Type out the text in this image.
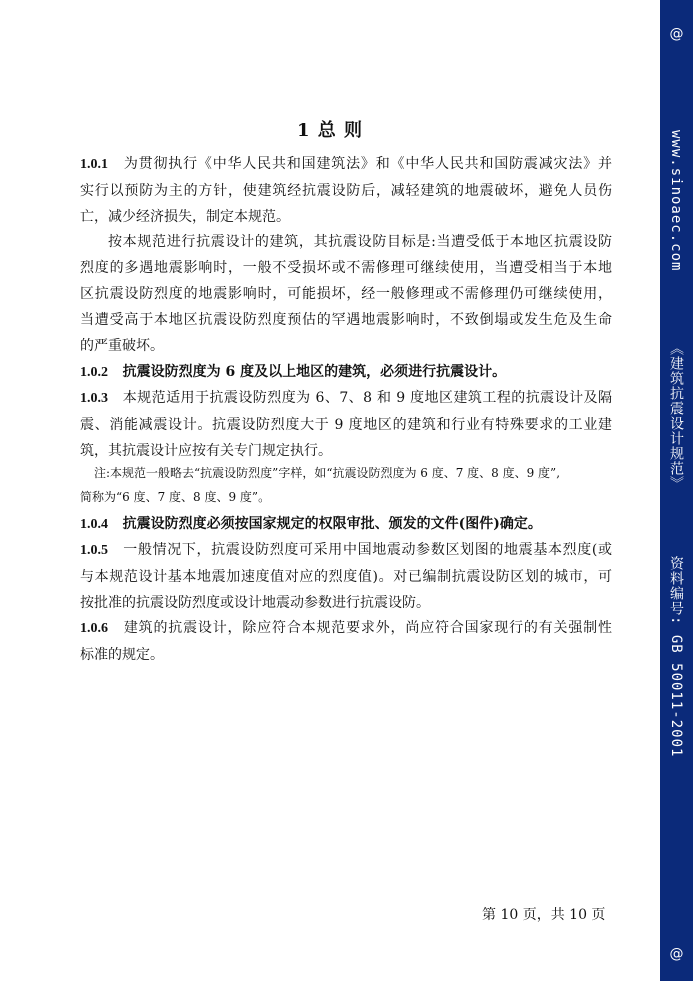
1 总 则
1.0.1 为贯彻执行《中华人民共和国建筑法》和《中华人民共和国防震减灾法》并
实行以预防为主的方针，使建筑经抗震设防后，减轻建筑的地震破坏，避免人员伤
亡，减少经济损失，制定本规范。
按本规范进行抗震设计的建筑，其抗震设防目标是:当遭受低于本地区抗震设防
烈度的多遇地震影响时，一般不受损坏或不需修理可继续使用，当遭受相当于本地
区抗震设防烈度的地震影响时，可能损坏，经一般修理或不需修理仍可继续使用，
当遭受高于本地区抗震设防烈度预估的罕遇地震影响时，不致倒塌或发生危及生命
的严重破坏。
1.0.2 抗震设防烈度为 6 度及以上地区的建筑，必须进行抗震设计。
1.0.3 本规范适用于抗震设防烈度为 6、7、8 和 9 度地区建筑工程的抗震设计及隔
震、消能减震设计。抗震设防烈度大于 9 度地区的建筑和行业有特殊要求的工业建
筑，其抗震设计应按有关专门规定执行。
注:本规范一般略去“抗震设防烈度”字样，如“抗震设防烈度为 6 度、7 度、8 度、9 度”,
简称为“6 度、7 度、8 度、9 度”。
1.0.4 抗震设防烈度必须按国家规定的权限审批、颁发的文件(图件)确定。
1.0.5 一般情况下，抗震设防烈度可采用中国地震动参数区划图的地震基本烈度(或
与本规范设计基本地震加速度值对应的烈度值)。对已编制抗震设防区划的城市，可
按批准的抗震设防烈度或设计地震动参数进行抗震设防。
1.0.6 建筑的抗震设计，除应符合本规范要求外，尚应符合国家现行的有关强制性
标准的规定。
第 10 页，共 10 页
@
www.sinoaec.com 《建筑抗震设计规范》 资料编号: GB 50011-2001
@
